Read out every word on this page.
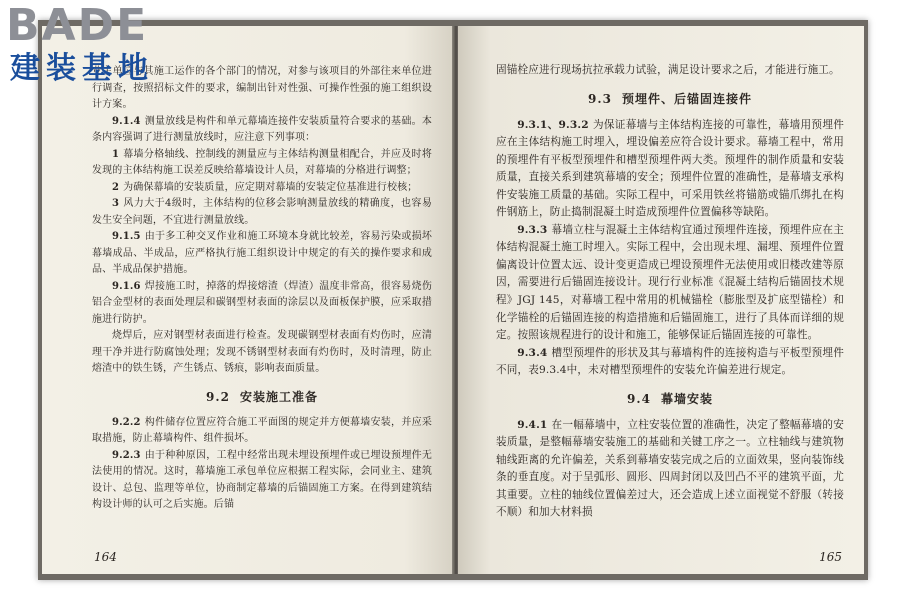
业主单位与其施工运作的各个部门的情况，对参与该项目的外部往来单位进行调查，按照招标文件的要求，编制出针对性强、可操作性强的施工组织设计方案。

9.1.4 测量放线是构件和单元幕墙连接件安装质量符合要求的基础。本条内容强调了进行测量放线时，应注意下列事项：

1 幕墙分格轴线、控制线的测量应与主体结构测量相配合，并应及时将发现的主体结构施工误差反映给幕墙设计人员，对幕墙的分格进行调整；

2 为确保幕墙的安装质量，应定期对幕墙的安装定位基准进行校核；

3 风力大于4级时，主体结构的位移会影响测量放线的精确度，也容易发生安全问题，不宜进行测量放线。

9.1.5 由于多工种交叉作业和施工环境本身就比较差，容易污染或损坏幕墙成品、半成品，应严格执行施工组织设计中规定的有关的操作要求和成品、半成品保护措施。

9.1.6 焊接施工时，掉落的焊接熔渣（焊渣）温度非常高，很容易烧伤铝合金型材的表面处理层和碳钢型材表面的涂层以及面板保护膜，应采取措施进行防护。

烧焊后，应对钢型材表面进行检查。发现碳钢型材表面有灼伤时，应清理干净并进行防腐蚀处理；发现不锈钢型材表面有灼伤时，及时清理，防止熔渣中的铁生锈，产生锈点、锈痕，影响表面质量。

9.2 安装施工准备

9.2.2 构件储存位置应符合施工平面图的规定并方便幕墙安装，并应采取措施，防止幕墙构件、组件损坏。

9.2.3 由于种种原因，工程中经常出现未埋设预埋件或已埋设预埋件无法使用的情况。这时，幕墙施工承包单位应根据工程实际，会同业主、建筑设计、总包、监理等单位，协商制定幕墙的后锚固施工方案。在得到建筑结构设计师的认可之后实施。后锚

164

固锚栓应进行现场抗拉承载力试验，满足设计要求之后，才能进行施工。

9.3 预埋件、后锚固连接件

9.3.1、9.3.2 为保证幕墙与主体结构连接的可靠性，幕墙用预埋件应在主体结构施工时埋入，埋设偏差应符合设计要求。幕墙工程中，常用的预埋件有平板型预埋件和槽型预埋件两大类。预埋件的制作质量和安装质量，直接关系到建筑幕墙的安全；预埋件位置的准确性，是幕墙支承构件安装施工质量的基础。实际工程中，可采用铁丝将锚筋或锚爪绑扎在构件钢筋上，防止捣制混凝土时造成预埋件位置偏移等缺陷。

9.3.3 幕墙立柱与混凝土主体结构宜通过预埋件连接，预埋件应在主体结构混凝土施工时埋入。实际工程中，会出现未埋、漏埋、预埋件位置偏离设计位置太远、设计变更造成已埋设预埋件无法使用或旧楼改建等原因，需要进行后锚固连接设计。现行行业标准《混凝土结构后锚固技术规程》JGJ 145，对幕墙工程中常用的机械锚栓（膨胀型及扩底型锚栓）和化学锚栓的后锚固连接的构造措施和后锚固施工，进行了具体而详细的规定。按照该规程进行的设计和施工，能够保证后锚固连接的可靠性。

9.3.4 槽型预埋件的形状及其与幕墙构件的连接构造与平板型预埋件不同，表9.3.4中，未对槽型预埋件的安装允许偏差进行规定。

9.4 幕墙安装

9.4.1 在一幅幕墙中，立柱安装位置的准确性，决定了整幅幕墙的安装质量，是整幅幕墙安装施工的基础和关键工序之一。立柱轴线与建筑物轴线距离的允许偏差，关系到幕墙安装完成之后的立面效果，竖向装饰线条的垂直度。对于呈弧形、圆形、四周封闭以及凹凸不平的建筑平面，尤其重要。立柱的轴线位置偏差过大，还会造成上述立面视觉不舒服（转接不顺）和加大材料损

165
BADE
建装基地
